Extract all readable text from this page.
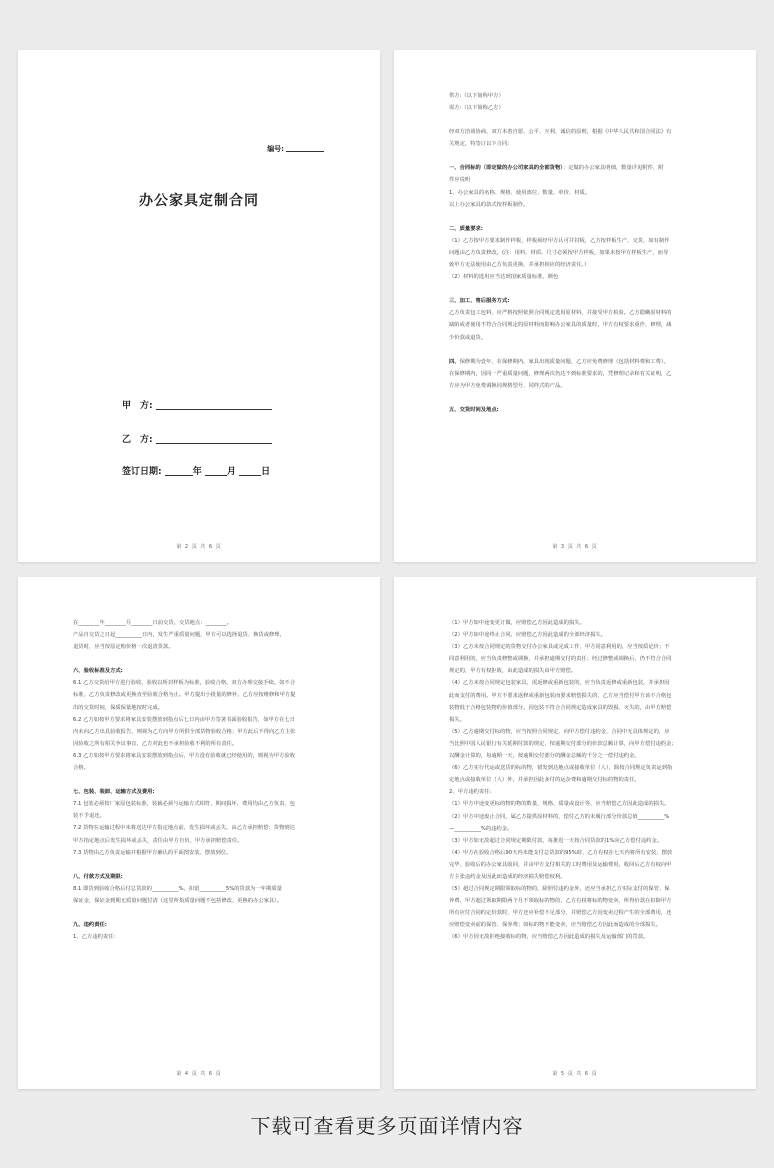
编号:
办公家具定制合同
甲　方:
乙　方:
签订日期:	年	月	日
第 2 页 共 6 页

供方:（以下简称甲方）

需方:（以下简称乙方）

经双方洽谈协商，双方本着自愿、公平、互利、诚信的原则，根据《中华人民共和国合同法》有

关规定，特签订以下合同:

一、合同标的（即定做的办公司家具的全部货物）：定做的办公家具明细，数量详见附件，附

件应说明

1、办公家具的名称、规格、使用部位、数量、单价、材质。

以上办公家具的款式按样板制作。

二、质量要求:

（1）乙方按甲方要求制作样板，样板须经甲方认可并封板，乙方按样板生产、交货，如有制作

问题由乙方负责修改。(注：用料、材质、尺寸必须按甲方样板，如果未按甲方样板生产，而导

致甲方无法使用由乙方负责更换，并承担相应的经济责任。）

（2）材料的选用应当达到国家质量标准，颜色

三、加工、售后服务方式:

乙方负责包工包料，应严格按照依照合同规定选用原材料，并接受甲方检验。乙方隐瞒原材料的

缺陷或者使用不符合合同规定的原材料而影响办公家具的质量时，甲方有权要求重作，修理，减

少价款或退货。

四、保修期为壹年，在保修期内，家具出现质量问题，乙方应免费修理（包括材料费和工费）。

在保修期内，因同一严重质量问题，修理两次仍达不到标准要求的，凭修理记录和有关证明，乙

方应为甲方免费调换同规格型号、同样式的产品。

五、交货时间及地点:

第 3 页 共 6 页

在________年________月________日前交货，交货地点：________。

产品自交货之日起__________日内，发生严重质量问题，甲方可以选择退货、换货或修理，

退货时，应当按原定购价格一次退清货款。

六、验收标准及方式:

6.1 乙方交货给甲方进行验收，验收以所封样板为标准，验收合格，双方办理交接手续。如不合

标准，乙方负责修改或更换直至验收合格为止。甲方提出小批量的修补，乙方应按维修和甲方提

出的交货时间，保质保量地按时完成。

6.2 乙方如按甲方要求将家具安装摆放到指点后七日内由甲方签署书面验收报告，如甲方在七日

内未向乙方出具验收报告，则视为乙方向甲方所供全部货物验收合格；甲方此后不得向乙方主张

因验收之所有相关争议事宜，乙方对此也不承担验收不利的所有责任。

6.3 乙方如按甲方要求将家具安装摆放到指点后，甲方没有验收就已经使用的，则视为甲方验收

合格。

七、包装、装卸、运输方式及费用:

7.1 包装必须按厂家原包装标准，装载必须与运输方式相符，期间损坏，费用均由乙方负责，包

装不予退还。

7.2 货物在运输过程中未将送达甲方指定地点前，发生损坏或丢失，由乙方承担赔偿；货物到达

甲方指定地点后发生损坏或丢失，责任由甲方自负，甲方承担赔偿责任。

7.3 货物由乙方负责运输并根据甲方确认的平面图安装、摆放到位。

八、付款方式及期限:

8.1 即货到验收合格后付总货款的__________%，扣留__________5%的货款为一年期质量

保证金，保证金到期无质量问题付清（这里所指质量问题不包括修改、更换的办公家具）。

九、违约责任:

1、乙方违约责任:

第 4 页 共 6 页

（1）甲方如中途变更订做，应赔偿乙方因此造成的损失。

（2）甲方如中途终止合同，应赔偿乙方因此造成的全部经济损失。

（3）乙方未按合同规定的货物交付办公家具或完成工作，甲方同意利用的，应当按质论价；不

同意利用的，应当负责修整或调换，并承担逾期交付的责任；经过修整或调换后，仍不符合合同

规定的，甲方有权拒收，由此造成的损失由甲方赔偿。

（4）乙方未按合同规定包装家具，需返修或重新包装的，应当负责返修或重新包装，并承担因

此而支付的费用。甲方不要求返修或重新包装而要求赔偿损失的，乙方应当偿付甲方该不合格包

装物低于合格包装物的价值部分。因包装不符合合同规定造成家具的毁损、灭失的，由甲方赔偿

损失。

（5）乙方逾期交付标的物，应当按照合同规定，向甲方偿付违约金，合同中无具体规定的，应

当比照中国人民银行有关延期付款的规定，按逾期交付部分的价款总额计算，向甲方偿付违约金；

以酬金计算的，每逾期一天，按逾期交付部分的酬金总额的千分之一偿付违约金。

（6）乙方实行代运或送货的标的物，错发到达地点或接收单位（人），除按合同规定负责运到指

定地点或接收单位（人）外，并承担因此多付的运杂费和逾期交付标的物的责任。

2、甲方违约责任:

（1）甲方中途变更标的物的物的数量、规格、质量或设计等，应当赔偿乙方因此造成的损失。

（2）甲方中途废止合同，属乙方提供原材料的，偿付乙方的未履行部分价款总值__________%

—__________%的违约金。

（3）甲方如无故超过合同规定期限付款，每推迟一天按合同货款的1%向乙方偿付违约金。

（4）甲方在验收合格后90天内未能支付总货款的95%时，乙方有权在七天内将所有安装、摆放

完毕、验收后的办公家具收回，并由甲方支付相关的工时费用及运输费用，收回后乙方有权向甲

方主张违约金及因此而造成的经济损失赔偿权利。

（5）超过合同规定期限领取标的物的，除照付违约金外，还应当承担乙方实际支付的保管、保

养费，甲方超过领取期限两个月不领取标的物的，乙方有权将标的物变卖，所得价款在扣除甲方

所有应付合同约定价款时，甲方还应补偿不足部分，并赔偿乙方因变卖过程产生的全部费用，还

应赔偿变卖前的保管、保养费；如标的物不能变卖，应当赔偿乙方因此而造成的全部损失。

（6）甲方因无故拒绝接收标的物，应当赔偿乙方因此造成的损失及运输部门的罚款。

第 5 页 共 6 页
下载可查看更多页面详情内容
